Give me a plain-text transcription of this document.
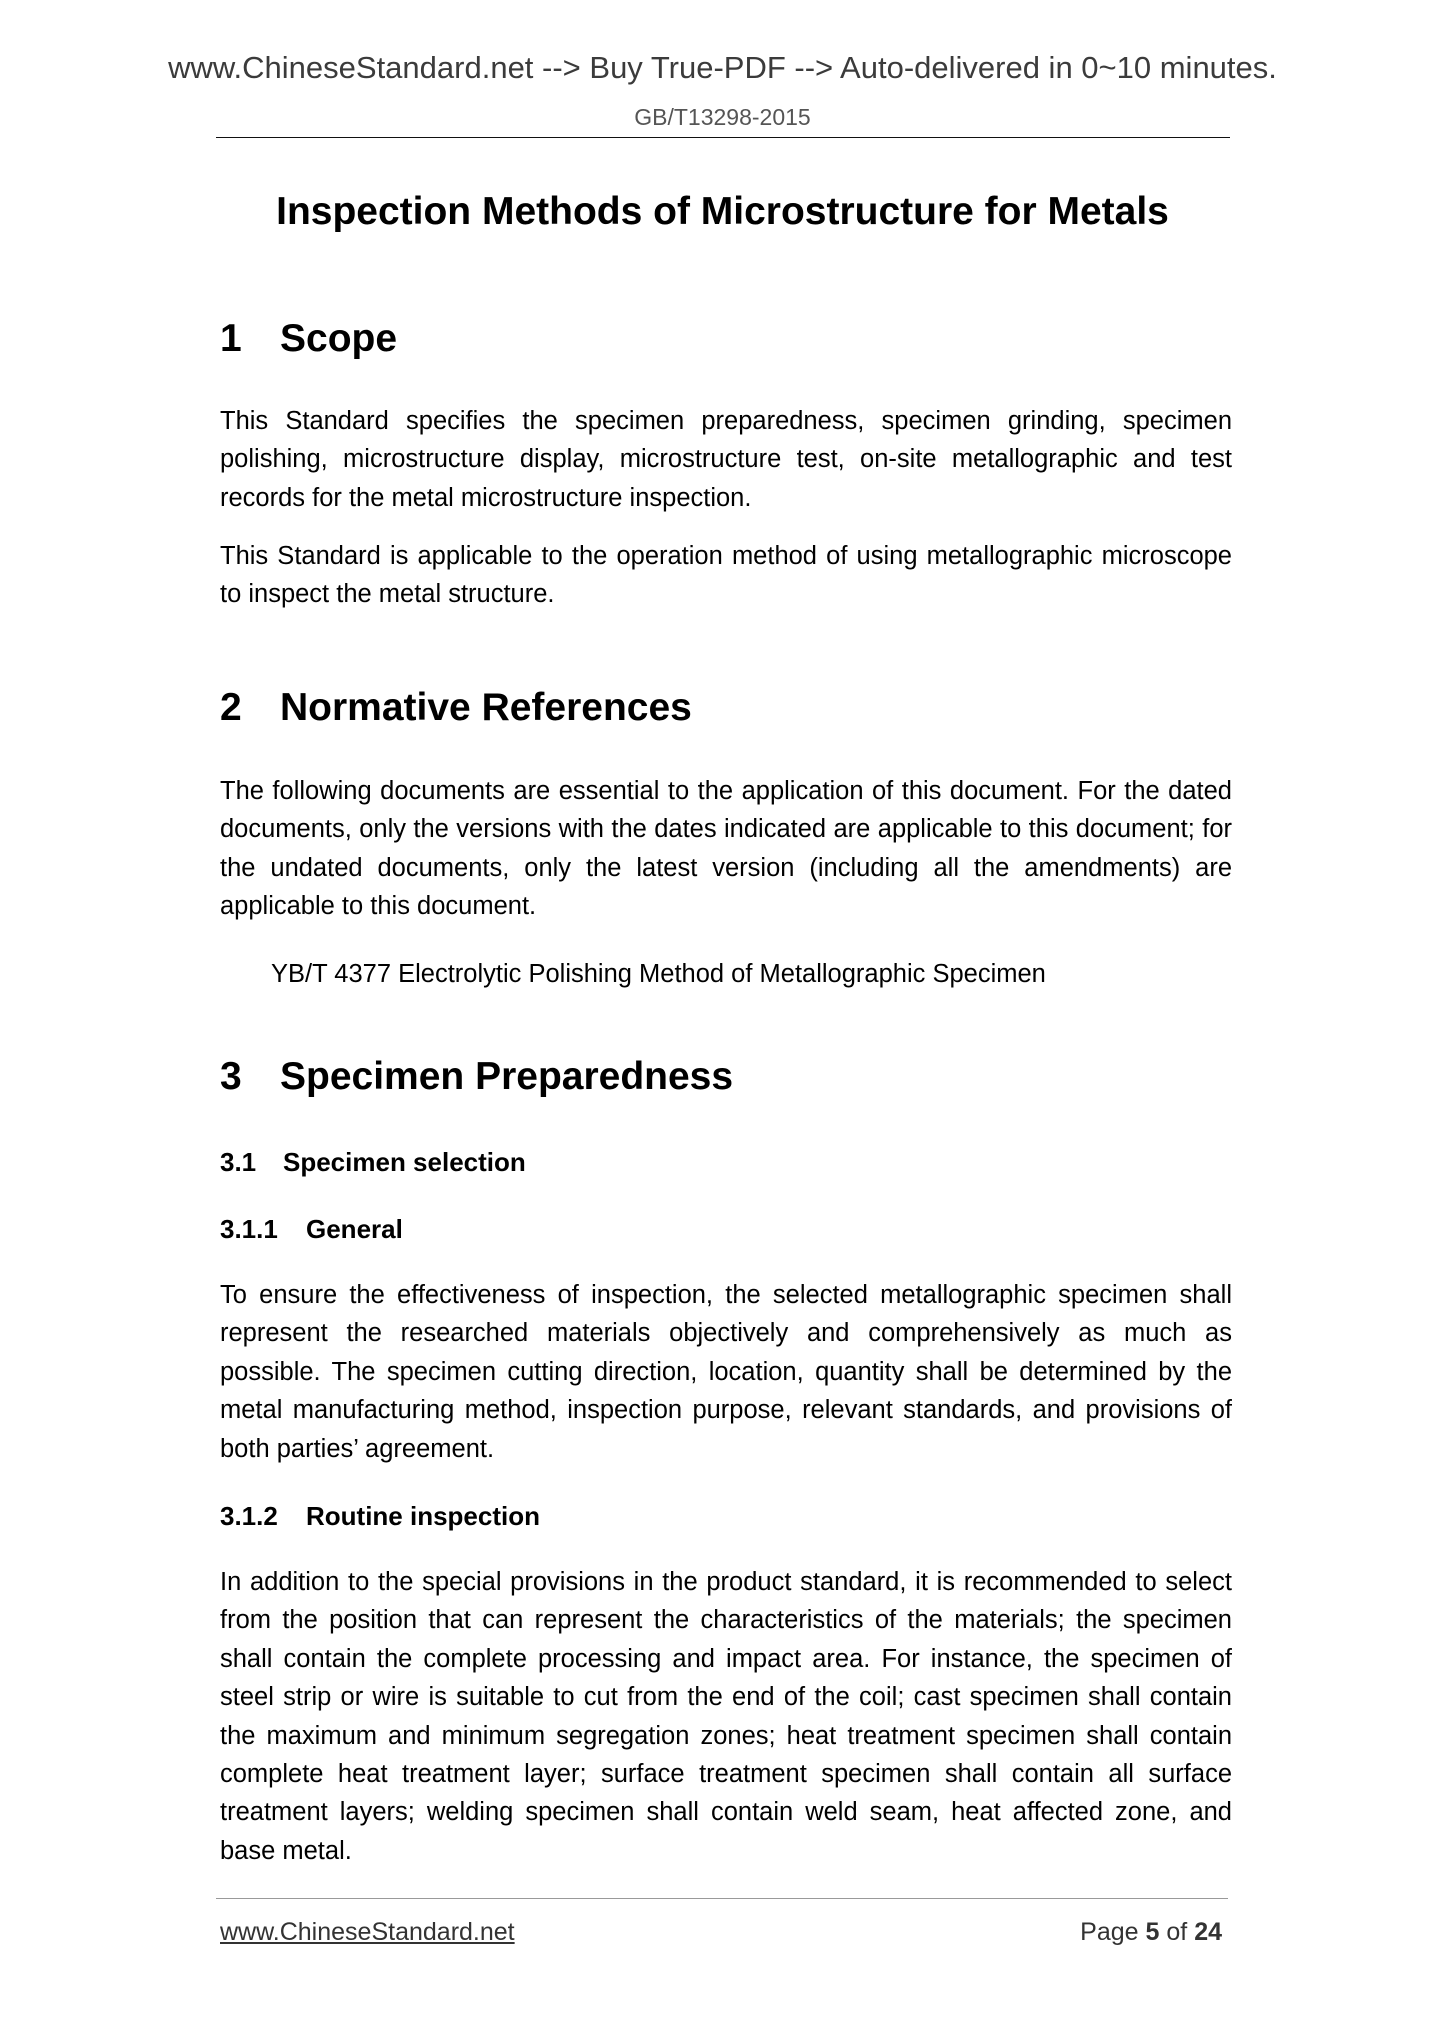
www.ChineseStandard.net --> Buy True-PDF --> Auto-delivered in 0~10 minutes.
GB/T13298-2015
Inspection Methods of Microstructure for Metals
1 Scope
This Standard specifies the specimen preparedness, specimen grinding, specimen polishing, microstructure display, microstructure test, on-site metallographic and test records for the metal microstructure inspection.
This Standard is applicable to the operation method of using metallographic microscope to inspect the metal structure.
2 Normative References
The following documents are essential to the application of this document. For the dated documents, only the versions with the dates indicated are applicable to this document; for the undated documents, only the latest version (including all the amendments) are applicable to this document.
YB/T 4377 Electrolytic Polishing Method of Metallographic Specimen
3 Specimen Preparedness
3.1 Specimen selection
3.1.1 General
To ensure the effectiveness of inspection, the selected metallographic specimen shall represent the researched materials objectively and comprehensively as much as possible. The specimen cutting direction, location, quantity shall be determined by the metal manufacturing method, inspection purpose, relevant standards, and provisions of both parties’ agreement.
3.1.2 Routine inspection
In addition to the special provisions in the product standard, it is recommended to select from the position that can represent the characteristics of the materials; the specimen shall contain the complete processing and impact area. For instance, the specimen of steel strip or wire is suitable to cut from the end of the coil; cast specimen shall contain the maximum and minimum segregation zones; heat treatment specimen shall contain complete heat treatment layer; surface treatment specimen shall contain all surface treatment layers; welding specimen shall contain weld seam, heat affected zone, and base metal.
www.ChineseStandard.net	Page 5 of 24
